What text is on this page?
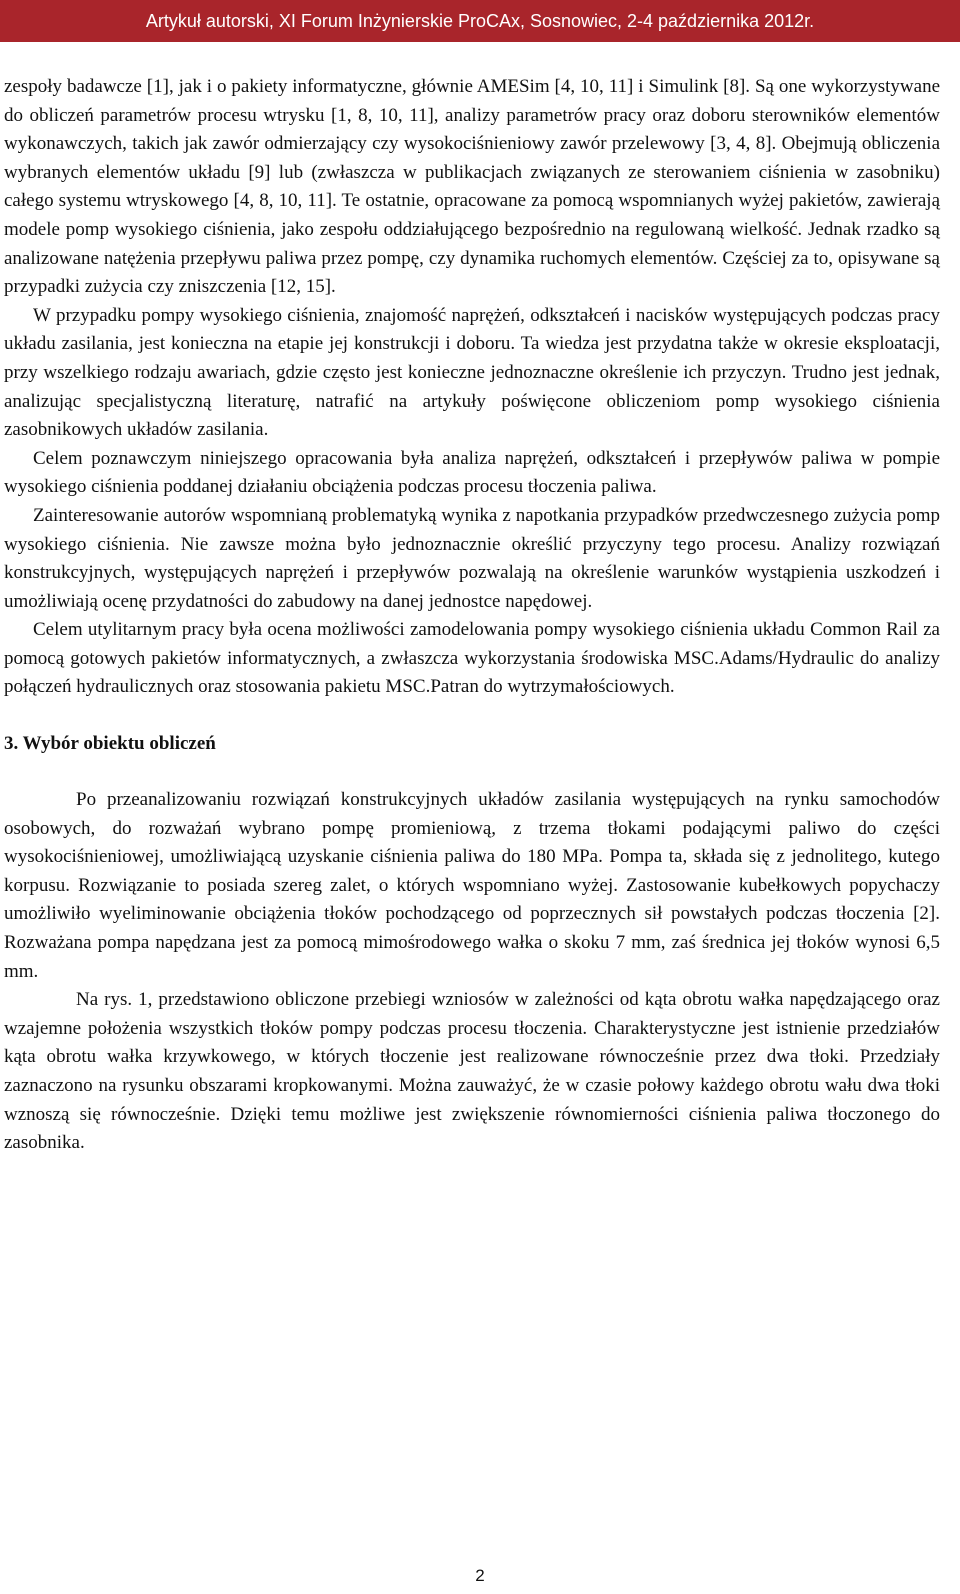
Artykuł autorski, XI Forum Inżynierskie ProCAx, Sosnowiec, 2-4 października 2012r.

zespoły badawcze [1], jak i o pakiety informatyczne, głównie AMESim [4, 10, 11] i Simulink [8]. Są one wykorzystywane do obliczeń parametrów procesu wtrysku [1, 8, 10, 11], analizy parametrów pracy oraz doboru sterowników elementów wykonawczych, takich jak zawór odmierzający czy wysokociśnieniowy zawór przelewowy [3, 4, 8]. Obejmują obliczenia wybranych elementów układu [9] lub (zwłaszcza w publikacjach związanych ze sterowaniem ciśnienia w zasobniku) całego systemu wtryskowego [4, 8, 10, 11]. Te ostatnie, opracowane za pomocą wspomnianych wyżej pakietów, zawierają modele pomp wysokiego ciśnienia, jako zespołu oddziałującego bezpośrednio na regulowaną wielkość. Jednak rzadko są analizowane natężenia przepływu paliwa przez pompę, czy dynamika ruchomych elementów. Częściej za to, opisywane są przypadki zużycia czy zniszczenia [12, 15].

W przypadku pompy wysokiego ciśnienia, znajomość naprężeń, odkształceń i nacisków występujących podczas pracy układu zasilania, jest konieczna na etapie jej konstrukcji i doboru. Ta wiedza jest przydatna także w okresie eksploatacji, przy wszelkiego rodzaju awariach, gdzie często jest konieczne jednoznaczne określenie ich przyczyn. Trudno jest jednak, analizując specjalistyczną literaturę, natrafić na artykuły poświęcone obliczeniom pomp wysokiego ciśnienia zasobnikowych układów zasilania.

Celem poznawczym niniejszego opracowania była analiza naprężeń, odkształceń i przepływów paliwa w pompie wysokiego ciśnienia poddanej działaniu obciążenia podczas procesu tłoczenia paliwa.

Zainteresowanie autorów wspomnianą problematyką wynika z napotkania przypadków przedwczesnego zużycia pomp wysokiego ciśnienia. Nie zawsze można było jednoznacznie określić przyczyny tego procesu. Analizy rozwiązań konstrukcyjnych, występujących naprężeń i przepływów pozwalają na określenie warunków wystąpienia uszkodzeń i umożliwiają ocenę przydatności do zabudowy na danej jednostce napędowej.

Celem utylitarnym pracy była ocena możliwości zamodelowania pompy wysokiego ciśnienia układu Common Rail za pomocą gotowych pakietów informatycznych, a zwłaszcza wykorzystania środowiska MSC.Adams/Hydraulic do analizy połączeń hydraulicznych oraz stosowania pakietu MSC.Patran do wytrzymałościowych.

3. Wybór obiektu obliczeń

Po przeanalizowaniu rozwiązań konstrukcyjnych układów zasilania występujących na rynku samochodów osobowych, do rozważań wybrano pompę promieniową, z trzema tłokami podającymi paliwo do części wysokociśnieniowej, umożliwiającą uzyskanie ciśnienia paliwa do 180 MPa. Pompa ta, składa się z jednolitego, kutego korpusu. Rozwiązanie to posiada szereg zalet, o których wspomniano wyżej. Zastosowanie kubełkowych popychaczy umożliwiło wyeliminowanie obciążenia tłoków pochodzącego od poprzecznych sił powstałych podczas tłoczenia [2]. Rozważana pompa napędzana jest za pomocą mimośrodowego wałka o skoku 7 mm, zaś średnica jej tłoków wynosi 6,5 mm.

Na rys. 1, przedstawiono obliczone przebiegi wzniosów w zależności od kąta obrotu wałka napędzającego oraz wzajemne położenia wszystkich tłoków pompy podczas procesu tłoczenia. Charakterystyczne jest istnienie przedziałów kąta obrotu wałka krzywkowego, w których tłoczenie jest realizowane równocześnie przez dwa tłoki. Przedziały zaznaczono na rysunku obszarami kropkowanymi. Można zauważyć, że w czasie połowy każdego obrotu wału dwa tłoki wznoszą się równocześnie. Dzięki temu możliwe jest zwiększenie równomierności ciśnienia paliwa tłoczonego do zasobnika.

2
